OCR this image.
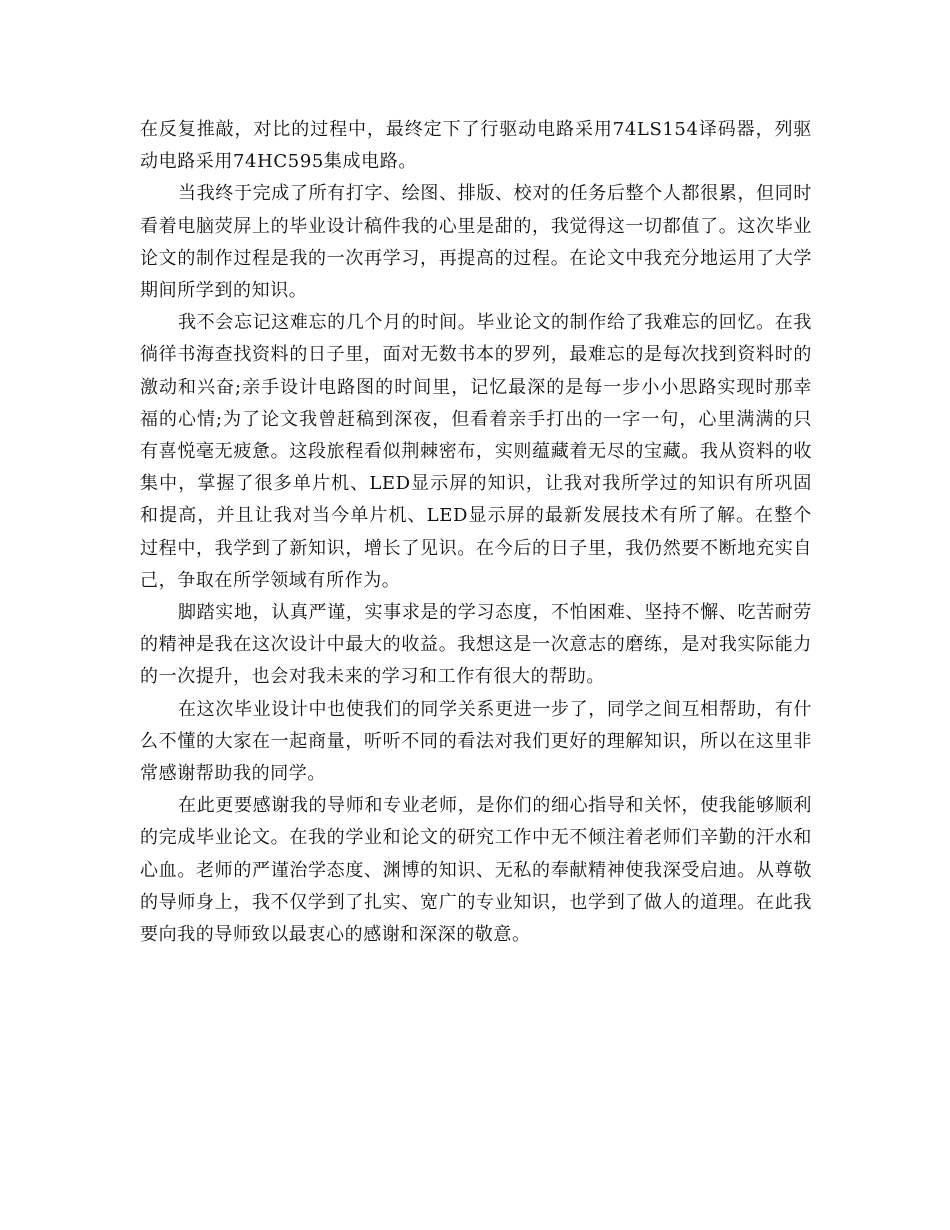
在反复推敲，对比的过程中，最终定下了行驱动电路采用74LS154译码器，列驱动电路采用74HC595集成电路。

当我终于完成了所有打字、绘图、排版、校对的任务后整个人都很累，但同时看着电脑荧屏上的毕业设计稿件我的心里是甜的，我觉得这一切都值了。这次毕业论文的制作过程是我的一次再学习，再提高的过程。在论文中我充分地运用了大学期间所学到的知识。

我不会忘记这难忘的几个月的时间。毕业论文的制作给了我难忘的回忆。在我徜徉书海查找资料的日子里，面对无数书本的罗列，最难忘的是每次找到资料时的激动和兴奋;亲手设计电路图的时间里，记忆最深的是每一步小小思路实现时那幸福的心情;为了论文我曾赶稿到深夜，但看着亲手打出的一字一句，心里满满的只有喜悦毫无疲惫。这段旅程看似荆棘密布，实则蕴藏着无尽的宝藏。我从资料的收集中，掌握了很多单片机、LED显示屏的知识，让我对我所学过的知识有所巩固和提高，并且让我对当今单片机、LED显示屏的最新发展技术有所了解。在整个过程中，我学到了新知识，增长了见识。在今后的日子里，我仍然要不断地充实自己，争取在所学领域有所作为。

脚踏实地，认真严谨，实事求是的学习态度，不怕困难、坚持不懈、吃苦耐劳的精神是我在这次设计中最大的收益。我想这是一次意志的磨练，是对我实际能力的一次提升，也会对我未来的学习和工作有很大的帮助。

在这次毕业设计中也使我们的同学关系更进一步了，同学之间互相帮助，有什么不懂的大家在一起商量，听听不同的看法对我们更好的理解知识，所以在这里非常感谢帮助我的同学。

在此更要感谢我的导师和专业老师，是你们的细心指导和关怀，使我能够顺利的完成毕业论文。在我的学业和论文的研究工作中无不倾注着老师们辛勤的汗水和心血。老师的严谨治学态度、渊博的知识、无私的奉献精神使我深受启迪。从尊敬的导师身上，我不仅学到了扎实、宽广的专业知识，也学到了做人的道理。在此我要向我的导师致以最衷心的感谢和深深的敬意。
